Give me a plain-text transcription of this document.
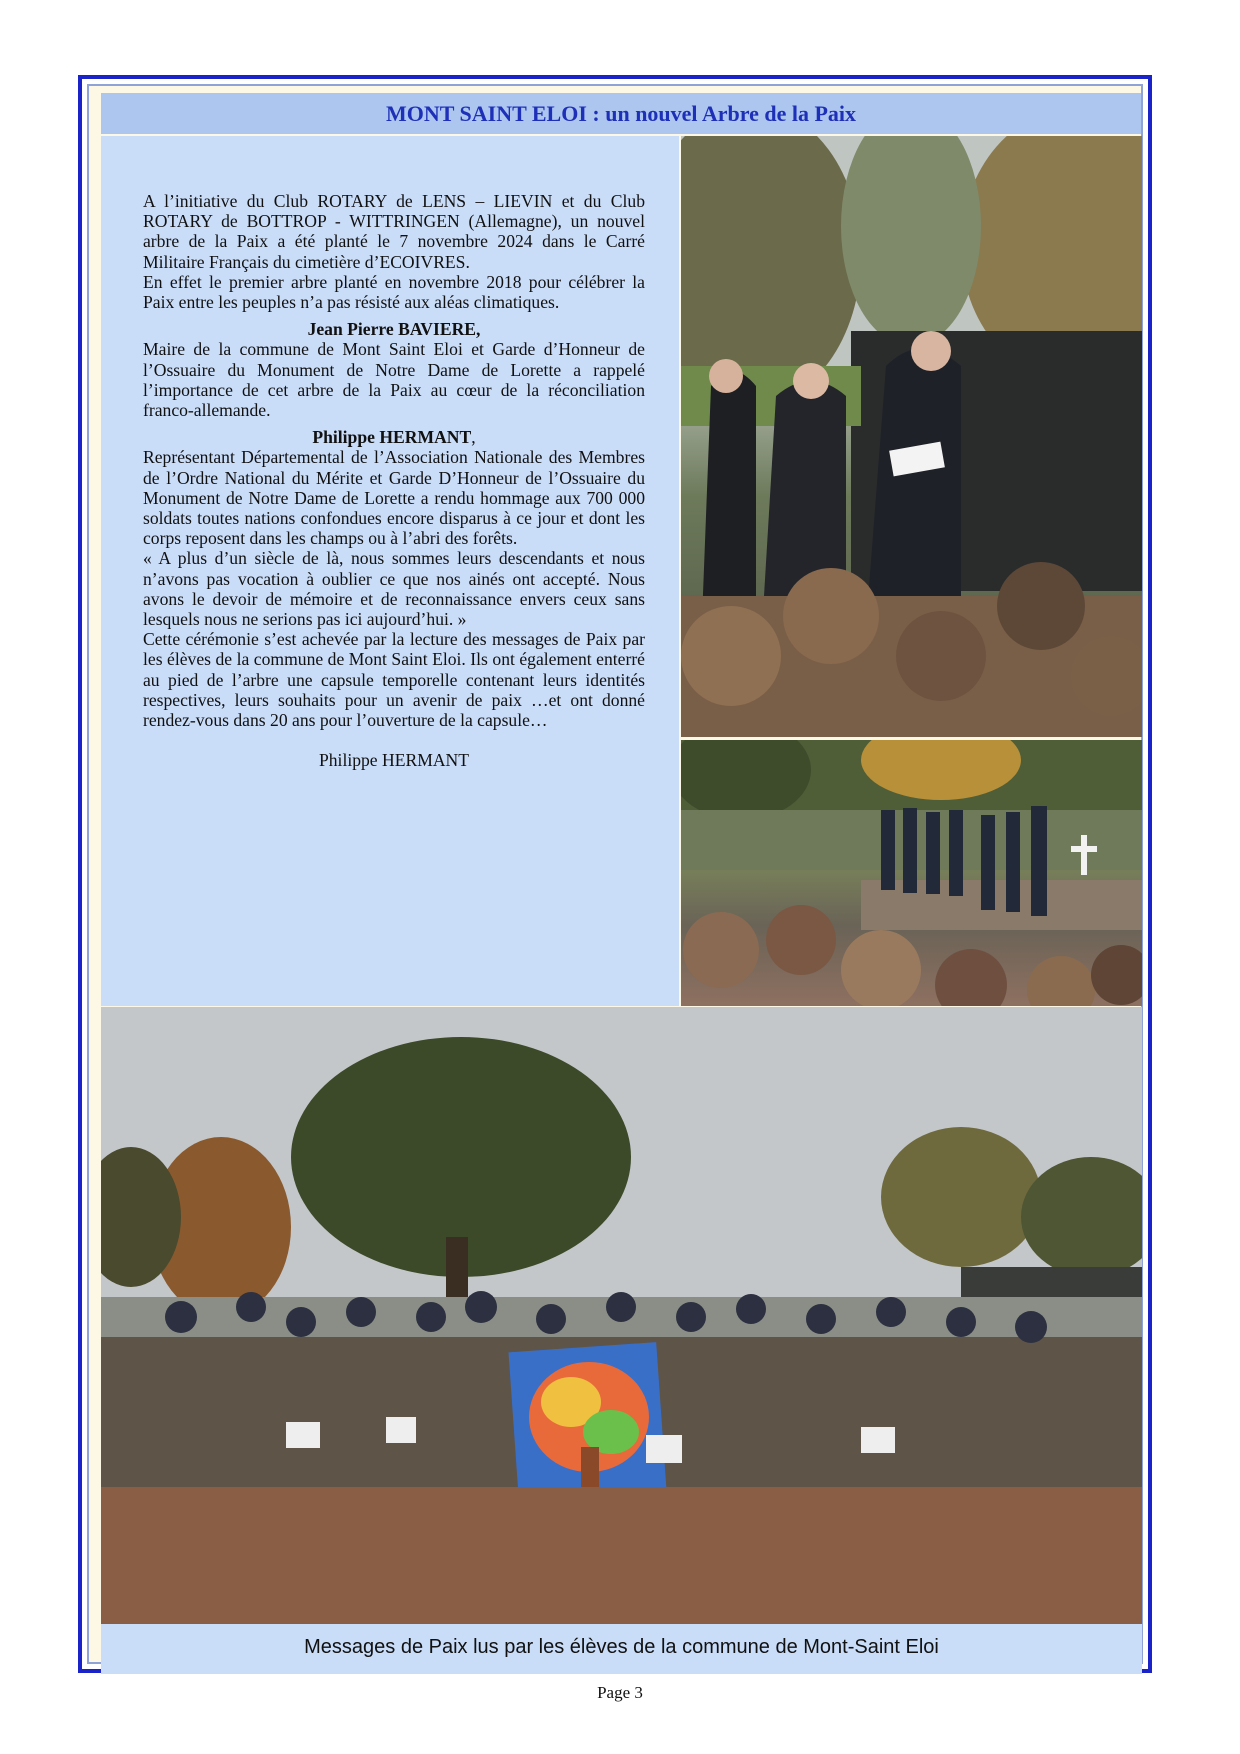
MONT SAINT ELOI : un nouvel Arbre de la Paix

A l’initiative du Club ROTARY de LENS – LIEVIN et du Club ROTARY de BOTTROP - WITTRINGEN (Allemagne), un nouvel arbre de la Paix a été planté le 7 novembre 2024 dans le Carré Militaire Français du cimetière d’ECOIVRES.

En effet le premier arbre planté en novembre 2018 pour célébrer la Paix entre les peuples n’a pas résisté aux aléas climatiques.

Jean Pierre BAVIERE,

Maire de la commune de Mont Saint Eloi et Garde d’Honneur de l’Ossuaire du Monument de Notre Dame de Lorette a rappelé l’importance de cet arbre de la Paix au cœur de la réconciliation franco-allemande.

Philippe HERMANT,

Représentant Départemental de l’Association Nationale des Membres de l’Ordre National du Mérite et Garde D’Honneur de l’Ossuaire du Monument de Notre Dame de Lorette a rendu hommage aux 700 000 soldats toutes nations confondues encore disparus à ce jour et dont les corps reposent dans les champs ou à l’abri des forêts.

« A plus d’un siècle de là, nous sommes leurs descendants et nous n’avons pas vocation à oublier ce que nos ainés ont accepté. Nous avons le devoir de mémoire et de reconnaissance envers ceux sans lesquels nous ne serions pas ici aujourd’hui. »

Cette cérémonie s’est achevée par la lecture des messages de Paix par les élèves de la commune de Mont Saint Eloi. Ils ont également enterré au pied de l’arbre une capsule temporelle contenant leurs identités respectives, leurs souhaits pour un avenir de paix …et ont donné rendez-vous dans 20 ans pour l’ouverture de la capsule…

Philippe HERMANT

Messages de Paix lus par les élèves de la commune de Mont-Saint Eloi
Page 3
